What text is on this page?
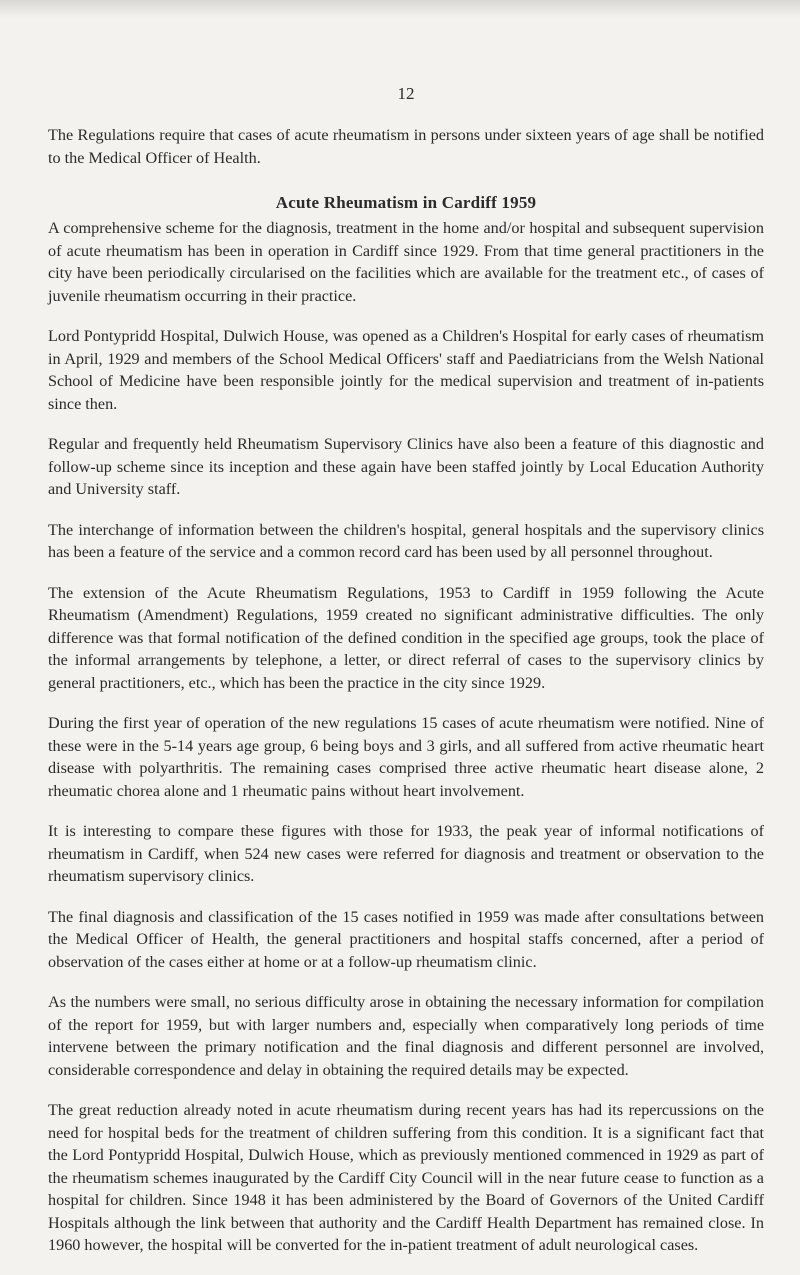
12

The Regulations require that cases of acute rheumatism in persons under sixteen years of age shall be notified to the Medical Officer of Health.

Acute Rheumatism in Cardiff 1959

A comprehensive scheme for the diagnosis, treatment in the home and/or hospital and subsequent supervision of acute rheumatism has been in operation in Cardiff since 1929. From that time general practitioners in the city have been periodically circularised on the facilities which are available for the treatment etc., of cases of juvenile rheumatism occurring in their practice.

Lord Pontypridd Hospital, Dulwich House, was opened as a Children's Hospital for early cases of rheumatism in April, 1929 and members of the School Medical Officers' staff and Paediatricians from the Welsh National School of Medicine have been responsible jointly for the medical supervision and treatment of in-patients since then.

Regular and frequently held Rheumatism Supervisory Clinics have also been a feature of this diagnostic and follow-up scheme since its inception and these again have been staffed jointly by Local Education Authority and University staff.

The interchange of information between the children's hospital, general hospitals and the supervisory clinics has been a feature of the service and a common record card has been used by all personnel throughout.

The extension of the Acute Rheumatism Regulations, 1953 to Cardiff in 1959 following the Acute Rheumatism (Amendment) Regulations, 1959 created no significant administrative difficulties. The only difference was that formal notification of the defined condition in the specified age groups, took the place of the informal arrangements by telephone, a letter, or direct referral of cases to the supervisory clinics by general practitioners, etc., which has been the practice in the city since 1929.

During the first year of operation of the new regulations 15 cases of acute rheumatism were notified. Nine of these were in the 5-14 years age group, 6 being boys and 3 girls, and all suffered from active rheumatic heart disease with polyarthritis. The remaining cases comprised three active rheumatic heart disease alone, 2 rheumatic chorea alone and 1 rheumatic pains without heart involvement.

It is interesting to compare these figures with those for 1933, the peak year of informal notifications of rheumatism in Cardiff, when 524 new cases were referred for diagnosis and treatment or observation to the rheumatism supervisory clinics.

The final diagnosis and classification of the 15 cases notified in 1959 was made after consultations between the Medical Officer of Health, the general practitioners and hospital staffs concerned, after a period of observation of the cases either at home or at a follow-up rheumatism clinic.

As the numbers were small, no serious difficulty arose in obtaining the necessary information for compilation of the report for 1959, but with larger numbers and, especially when comparatively long periods of time intervene between the primary notification and the final diagnosis and different personnel are involved, considerable correspondence and delay in obtaining the required details may be expected.

The great reduction already noted in acute rheumatism during recent years has had its repercussions on the need for hospital beds for the treatment of children suffering from this condition. It is a significant fact that the Lord Pontypridd Hospital, Dulwich House, which as previously mentioned commenced in 1929 as part of the rheumatism schemes inaugurated by the Cardiff City Council will in the near future cease to function as a hospital for children. Since 1948 it has been administered by the Board of Governors of the United Cardiff Hospitals although the link between that authority and the Cardiff Health Department has remained close. In 1960 however, the hospital will be converted for the in-patient treatment of adult neurological cases.
